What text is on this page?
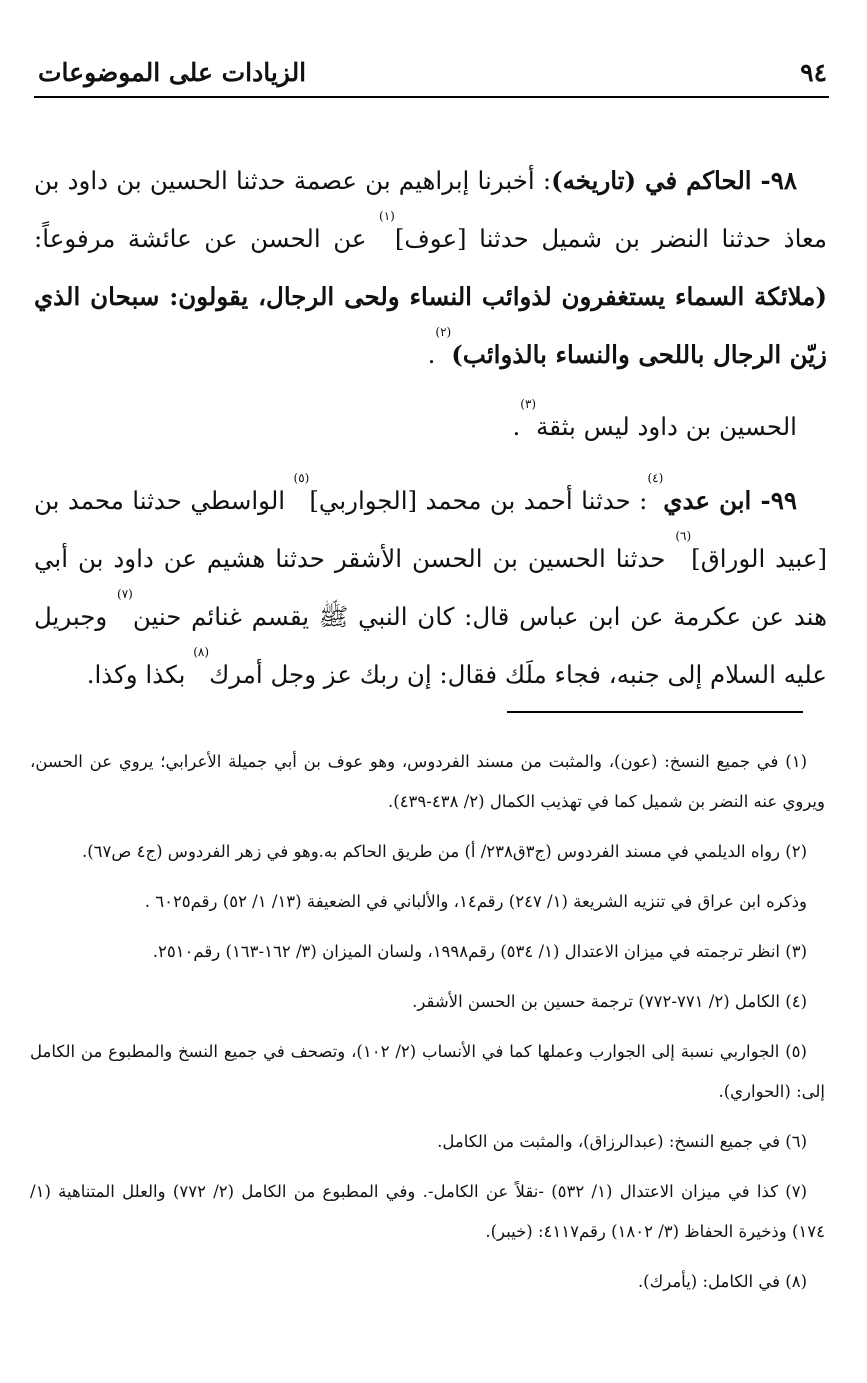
٩٤
الزيادات على الموضوعات

٩٨- الحاكم في (تاريخه): أخبرنا إبراهيم بن عصمة حدثنا الحسين بن داود بن معاذ حدثنا النضر بن شميل حدثنا [عوف]$^{(١)}$ عن الحسن عن عائشة مرفوعاً: (ملائكة السماء يستغفرون لذوائب النساء ولحى الرجال، يقولون: سبحان الذي زيّن الرجال باللحى والنساء بالذوائب)$^{(٢)}$.

الحسين بن داود ليس بثقة$^{(٣)}$.

٩٩- ابن عدي$^{(٤)}$: حدثنا أحمد بن محمد [الجواربي]$^{(٥)}$ الواسطي حدثنا محمد بن [عبيد الوراق]$^{(٦)}$ حدثنا الحسين بن الحسن الأشقر حدثنا هشيم عن داود بن أبي هند عن عكرمة عن ابن عباس قال: كان النبي ﷺ يقسم غنائم حنين$^{(٧)}$ وجبريل عليه السلام إلى جنبه، فجاء ملَك فقال: إن ربك عز وجل أمرك$^{(٨)}$ بكذا وكذا.

(١) في جميع النسخ: (عون)، والمثبت من مسند الفردوس، وهو عوف بن أبي جميلة الأعرابي؛ يروي عن الحسن، ويروي عنه النضر بن شميل كما في تهذيب الكمال (٢/ ٤٣٨-٤٣٩).

(٢) رواه الديلمي في مسند الفردوس (ج٣ق٢٣٨/ أ) من طريق الحاكم به.وهو في زهر الفردوس (ج٤ ص٦٧).

وذكره ابن عراق في تنزيه الشريعة (١/ ٢٤٧) رقم١٤، والألباني في الضعيفة (١٣/ ١/ ٥٢) رقم٦٠٢٥ .

(٣) انظر ترجمته في ميزان الاعتدال (١/ ٥٣٤) رقم١٩٩٨، ولسان الميزان (٣/ ١٦٢-١٦٣) رقم٢٥١٠.

(٤) الكامل (٢/ ٧٧١-٧٧٢) ترجمة حسين بن الحسن الأشقر.

(٥) الجواربي نسبة إلى الجوارب وعملها كما في الأنساب (٢/ ١٠٢)، وتصحف في جميع النسخ والمطبوع من الكامل إلى: (الحواري).

(٦) في جميع النسخ: (عبدالرزاق)، والمثبت من الكامل.

(٧) كذا في ميزان الاعتدال (١/ ٥٣٢) -نقلاً عن الكامل-. وفي المطبوع من الكامل (٢/ ٧٧٢) والعلل المتناهية (١/ ١٧٤) وذخيرة الحفاظ (٣/ ١٨٠٢) رقم٤١١٧: (خيبر).

(٨) في الكامل: (يأمرك).
